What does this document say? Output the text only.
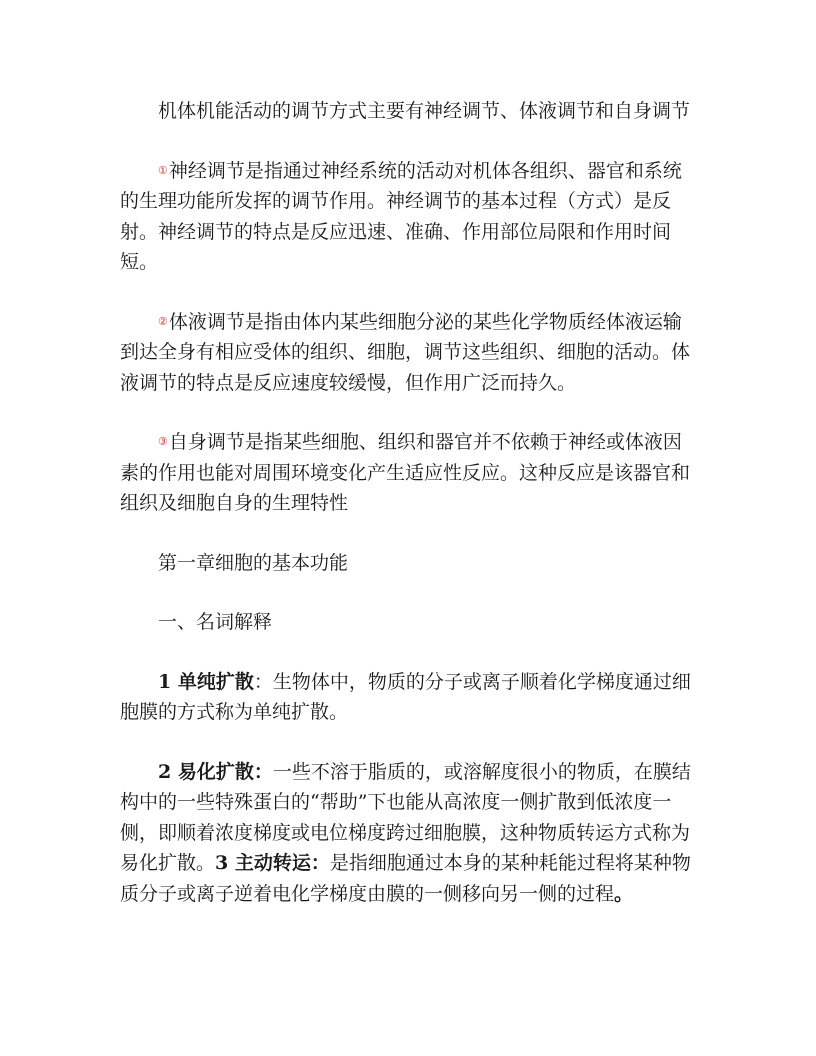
机体机能活动的调节方式主要有神经调节、体液调节和自身调节

①神经调节是指通过神经系统的活动对机体各组织、器官和系统的生理功能所发挥的调节作用。神经调节的基本过程（方式）是反射。神经调节的特点是反应迅速、准确、作用部位局限和作用时间短。

②体液调节是指由体内某些细胞分泌的某些化学物质经体液运输到达全身有相应受体的组织、细胞，调节这些组织、细胞的活动。体液调节的特点是反应速度较缓慢，但作用广泛而持久。

③自身调节是指某些细胞、组织和器官并不依赖于神经或体液因素的作用也能对周围环境变化产生适应性反应。这种反应是该器官和组织及细胞自身的生理特性

第一章细胞的基本功能

一、名词解释

1 单纯扩散：生物体中，物质的分子或离子顺着化学梯度通过细胞膜的方式称为单纯扩散。

2 易化扩散：一些不溶于脂质的，或溶解度很小的物质，在膜结构中的一些特殊蛋白的“帮助”下也能从高浓度一侧扩散到低浓度一侧，即顺着浓度梯度或电位梯度跨过细胞膜，这种物质转运方式称为易化扩散。3 主动转运：是指细胞通过本身的某种耗能过程将某种物质分子或离子逆着电化学梯度由膜的一侧移向另一侧的过程。
